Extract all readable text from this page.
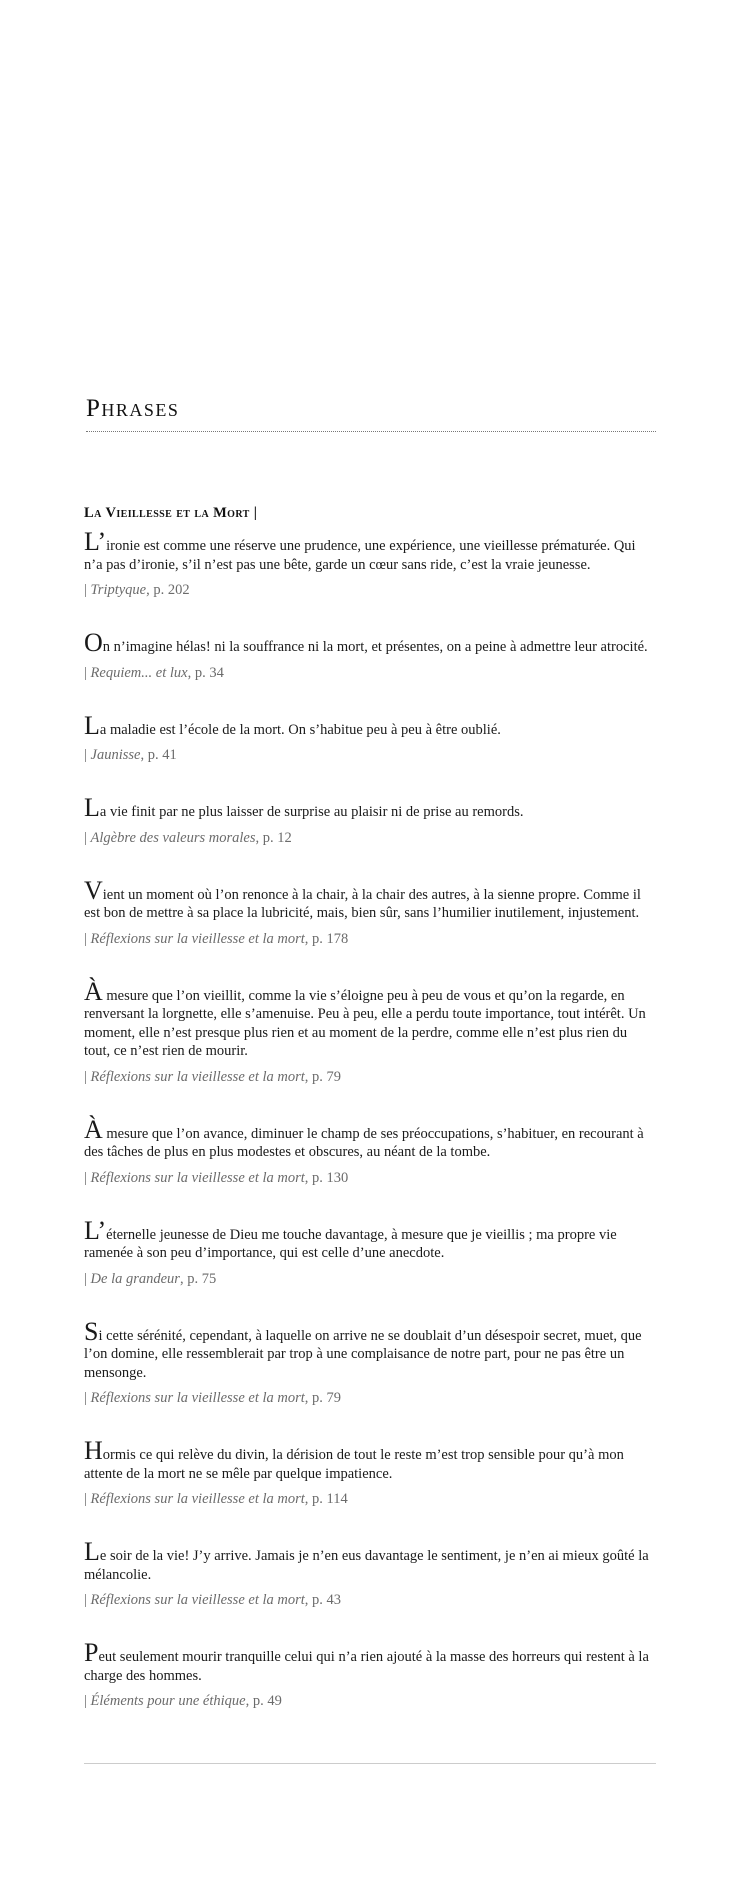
Phrases
La Vieillesse et la Mort |

L’ironie est comme une réserve une prudence, une expérience, une vieillesse prématurée. Qui n’a pas d’ironie, s’il n’est pas une bête, garde un cœur sans ride, c’est la vraie jeunesse.

| Triptyque, p. 202

On n’imagine hélas! ni la souffrance ni la mort, et présentes, on a peine à admettre leur atrocité.

| Requiem... et lux, p. 34

La maladie est l’école de la mort. On s’habitue peu à peu à être oublié.

| Jaunisse, p. 41

La vie finit par ne plus laisser de surprise au plaisir ni de prise au remords.

| Algèbre des valeurs morales, p. 12

Vient un moment où l’on renonce à la chair, à la chair des autres, à la sienne propre. Comme il est bon de mettre à sa place la lubricité, mais, bien sûr, sans l’humilier inutilement, injustement.

| Réflexions sur la vieillesse et la mort, p. 178

À mesure que l’on vieillit, comme la vie s’éloigne peu à peu de vous et qu’on la regarde, en renversant la lorgnette, elle s’amenuise. Peu à peu, elle a perdu toute importance, tout intérêt. Un moment, elle n’est presque plus rien et au moment de la perdre, comme elle n’est plus rien du tout, ce n’est rien de mourir.

| Réflexions sur la vieillesse et la mort, p. 79

À mesure que l’on avance, diminuer le champ de ses préoccupations, s’habituer, en recourant à des tâches de plus en plus modestes et obscures, au néant de la tombe.

| Réflexions sur la vieillesse et la mort, p. 130

L’éternelle jeunesse de Dieu me touche davantage, à mesure que je vieillis ; ma propre vie ramenée à son peu d’importance, qui est celle d’une anecdote.

| De la grandeur, p. 75

Si cette sérénité, cependant, à laquelle on arrive ne se doublait d’un désespoir secret, muet, que l’on domine, elle ressemblerait par trop à une complaisance de notre part, pour ne pas être un mensonge.

| Réflexions sur la vieillesse et la mort, p. 79

Hormis ce qui relève du divin, la dérision de tout le reste m’est trop sensible pour qu’à mon attente de la mort ne se mêle par quelque impatience.

| Réflexions sur la vieillesse et la mort, p. 114

Le soir de la vie! J’y arrive. Jamais je n’en eus davantage le sentiment, je n’en ai mieux goûté la mélancolie.

| Réflexions sur la vieillesse et la mort, p. 43

Peut seulement mourir tranquille celui qui n’a rien ajouté à la masse des horreurs qui restent à la charge des hommes.

| Éléments pour une éthique, p. 49
